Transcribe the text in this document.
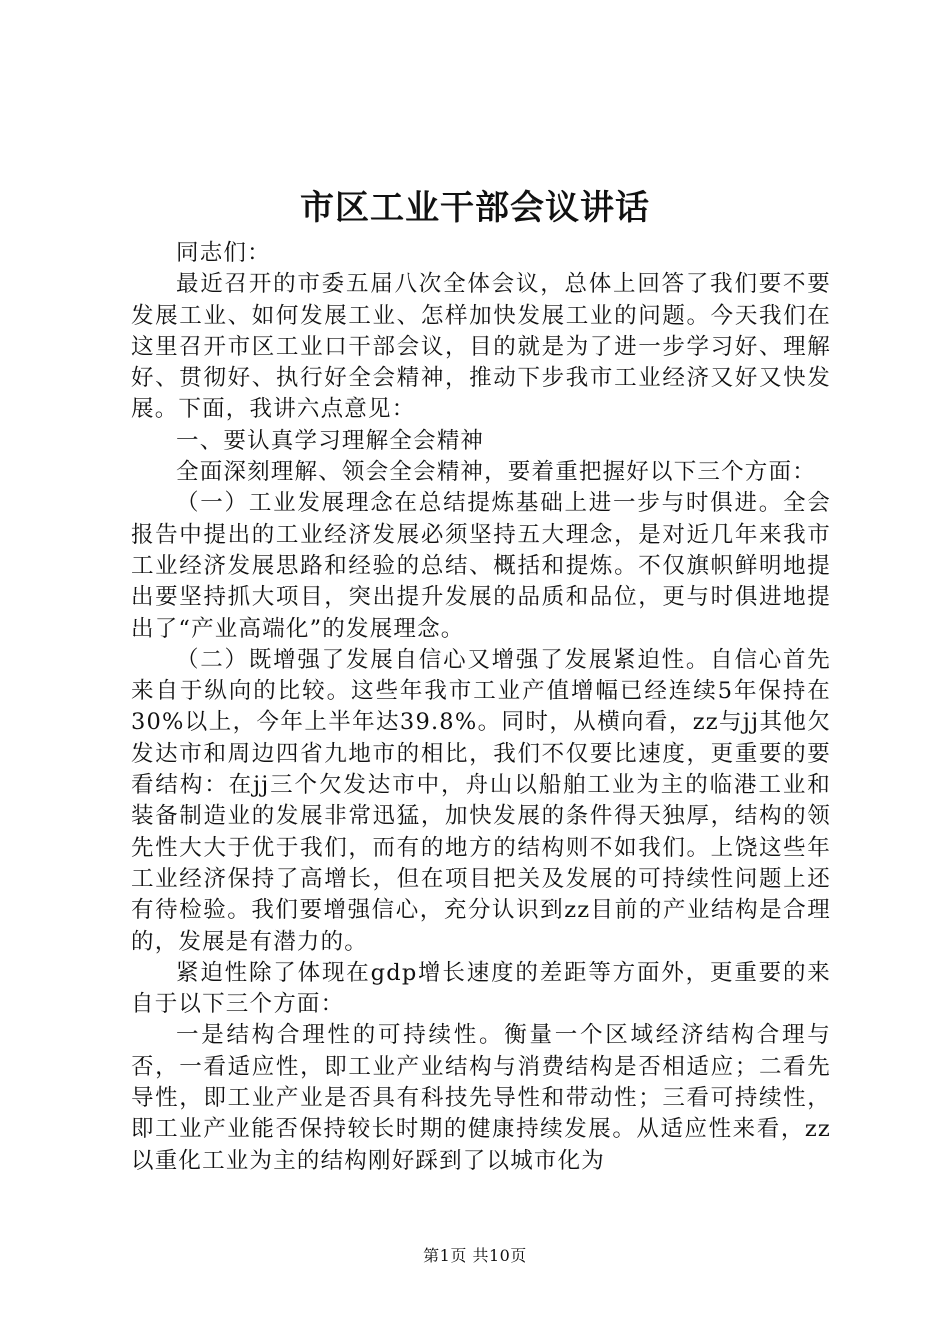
市区工业干部会议讲话

同志们：

最近召开的市委五届八次全体会议，总体上回答了我们要不要发展工业、如何发展工业、怎样加快发展工业的问题。今天我们在这里召开市区工业口干部会议，目的就是为了进一步学习好、理解好、贯彻好、执行好全会精神，推动下步我市工业经济又好又快发展。下面，我讲六点意见：

一、要认真学习理解全会精神

全面深刻理解、领会全会精神，要着重把握好以下三个方面：

（一）工业发展理念在总结提炼基础上进一步与时俱进。全会报告中提出的工业经济发展必须坚持五大理念，是对近几年来我市工业经济发展思路和经验的总结、概括和提炼。不仅旗帜鲜明地提出要坚持抓大项目，突出提升发展的品质和品位，更与时俱进地提出了“产业高端化”的发展理念。

（二）既增强了发展自信心又增强了发展紧迫性。自信心首先来自于纵向的比较。这些年我市工业产值增幅已经连续5年保持在30%以上，今年上半年达39.8%。同时，从横向看，zz与jj其他欠发达市和周边四省九地市的相比，我们不仅要比速度，更重要的要看结构：在jj三个欠发达市中，舟山以船舶工业为主的临港工业和装备制造业的发展非常迅猛，加快发展的条件得天独厚，结构的领先性大大于优于我们，而有的地方的结构则不如我们。上饶这些年工业经济保持了高增长，但在项目把关及发展的可持续性问题上还有待检验。我们要增强信心，充分认识到zz目前的产业结构是合理的，发展是有潜力的。

紧迫性除了体现在gdp增长速度的差距等方面外，更重要的来自于以下三个方面：

一是结构合理性的可持续性。衡量一个区域经济结构合理与否，一看适应性，即工业产业结构与消费结构是否相适应；二看先导性，即工业产业是否具有科技先导性和带动性；三看可持续性，即工业产业能否保持较长时期的健康持续发展。从适应性来看，zz以重化工业为主的结构刚好踩到了以城市化为

第1页 共10页
